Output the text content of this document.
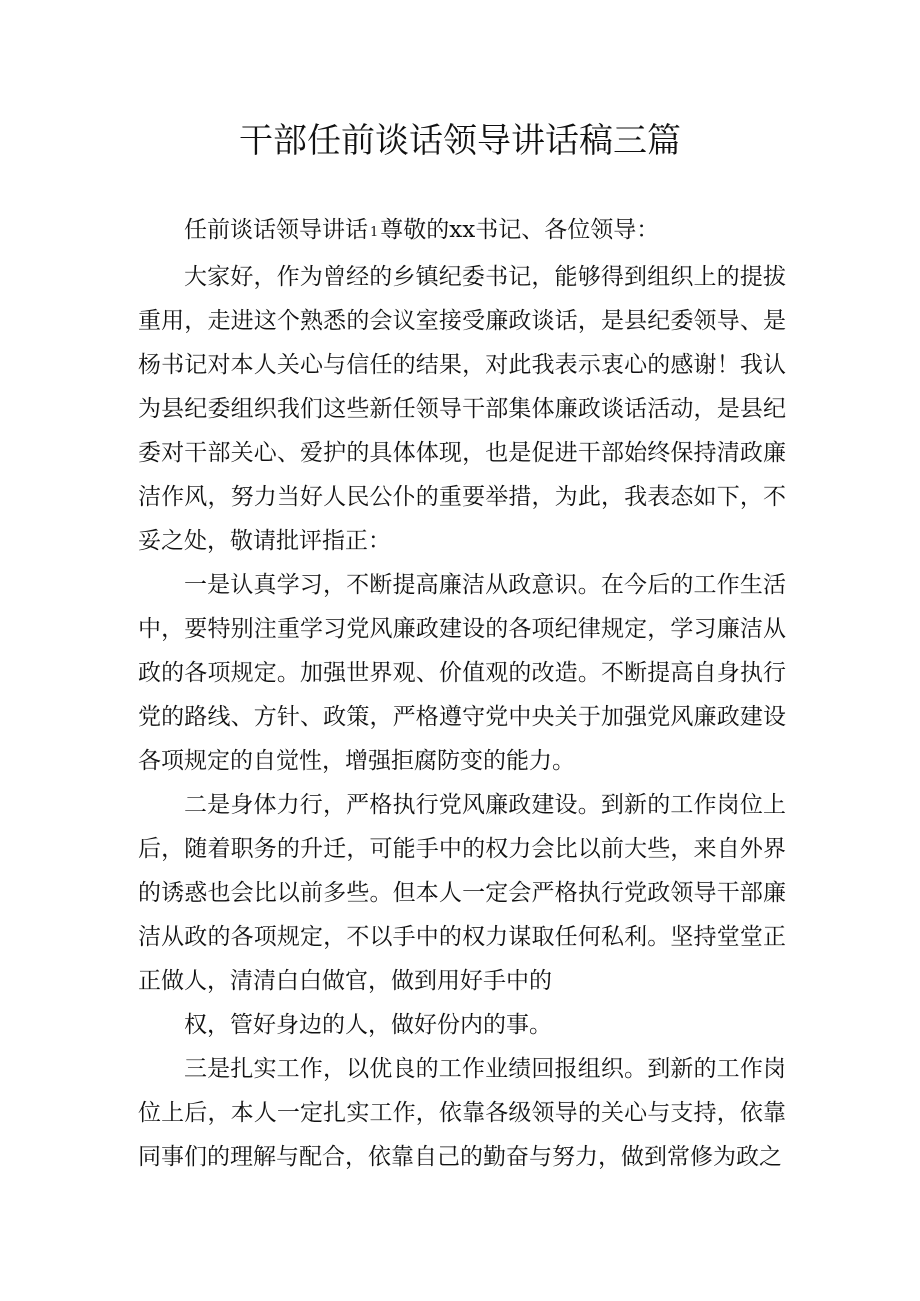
干部任前谈话领导讲话稿三篇

任前谈话领导讲话 1尊敬的xx书记、各位领导：

大家好，作为曾经的乡镇纪委书记，能够得到组织上的提拔重用，走进这个熟悉的会议室接受廉政谈话，是县纪委领导、是杨书记对本人关心与信任的结果，对此我表示衷心的感谢！我认为县纪委组织我们这些新任领导干部集体廉政谈话活动，是县纪委对干部关心、爱护的具体体现，也是促进干部始终保持清政廉洁作风，努力当好人民公仆的重要举措，为此，我表态如下，不妥之处，敬请批评指正：

一是认真学习，不断提高廉洁从政意识。在今后的工作生活中，要特别注重学习党风廉政建设的各项纪律规定，学习廉洁从政的各项规定。加强世界观、价值观的改造。不断提高自身执行党的路线、方针、政策，严格遵守党中央关于加强党风廉政建设各项规定的自觉性，增强拒腐防变的能力。

二是身体力行，严格执行党风廉政建设。到新的工作岗位上后，随着职务的升迁，可能手中的权力会比以前大些，来自外界的诱惑也会比以前多些。但本人一定会严格执行党政领导干部廉洁从政的各项规定，不以手中的权力谋取任何私利。坚持堂堂正正做人，清清白白做官，做到用好手中的

权，管好身边的人，做好份内的事。

三是扎实工作，以优良的工作业绩回报组织。到新的工作岗位上后，本人一定扎实工作，依靠各级领导的关心与支持，依靠同事们的理解与配合，依靠自己的勤奋与努力，做到常修为政之
